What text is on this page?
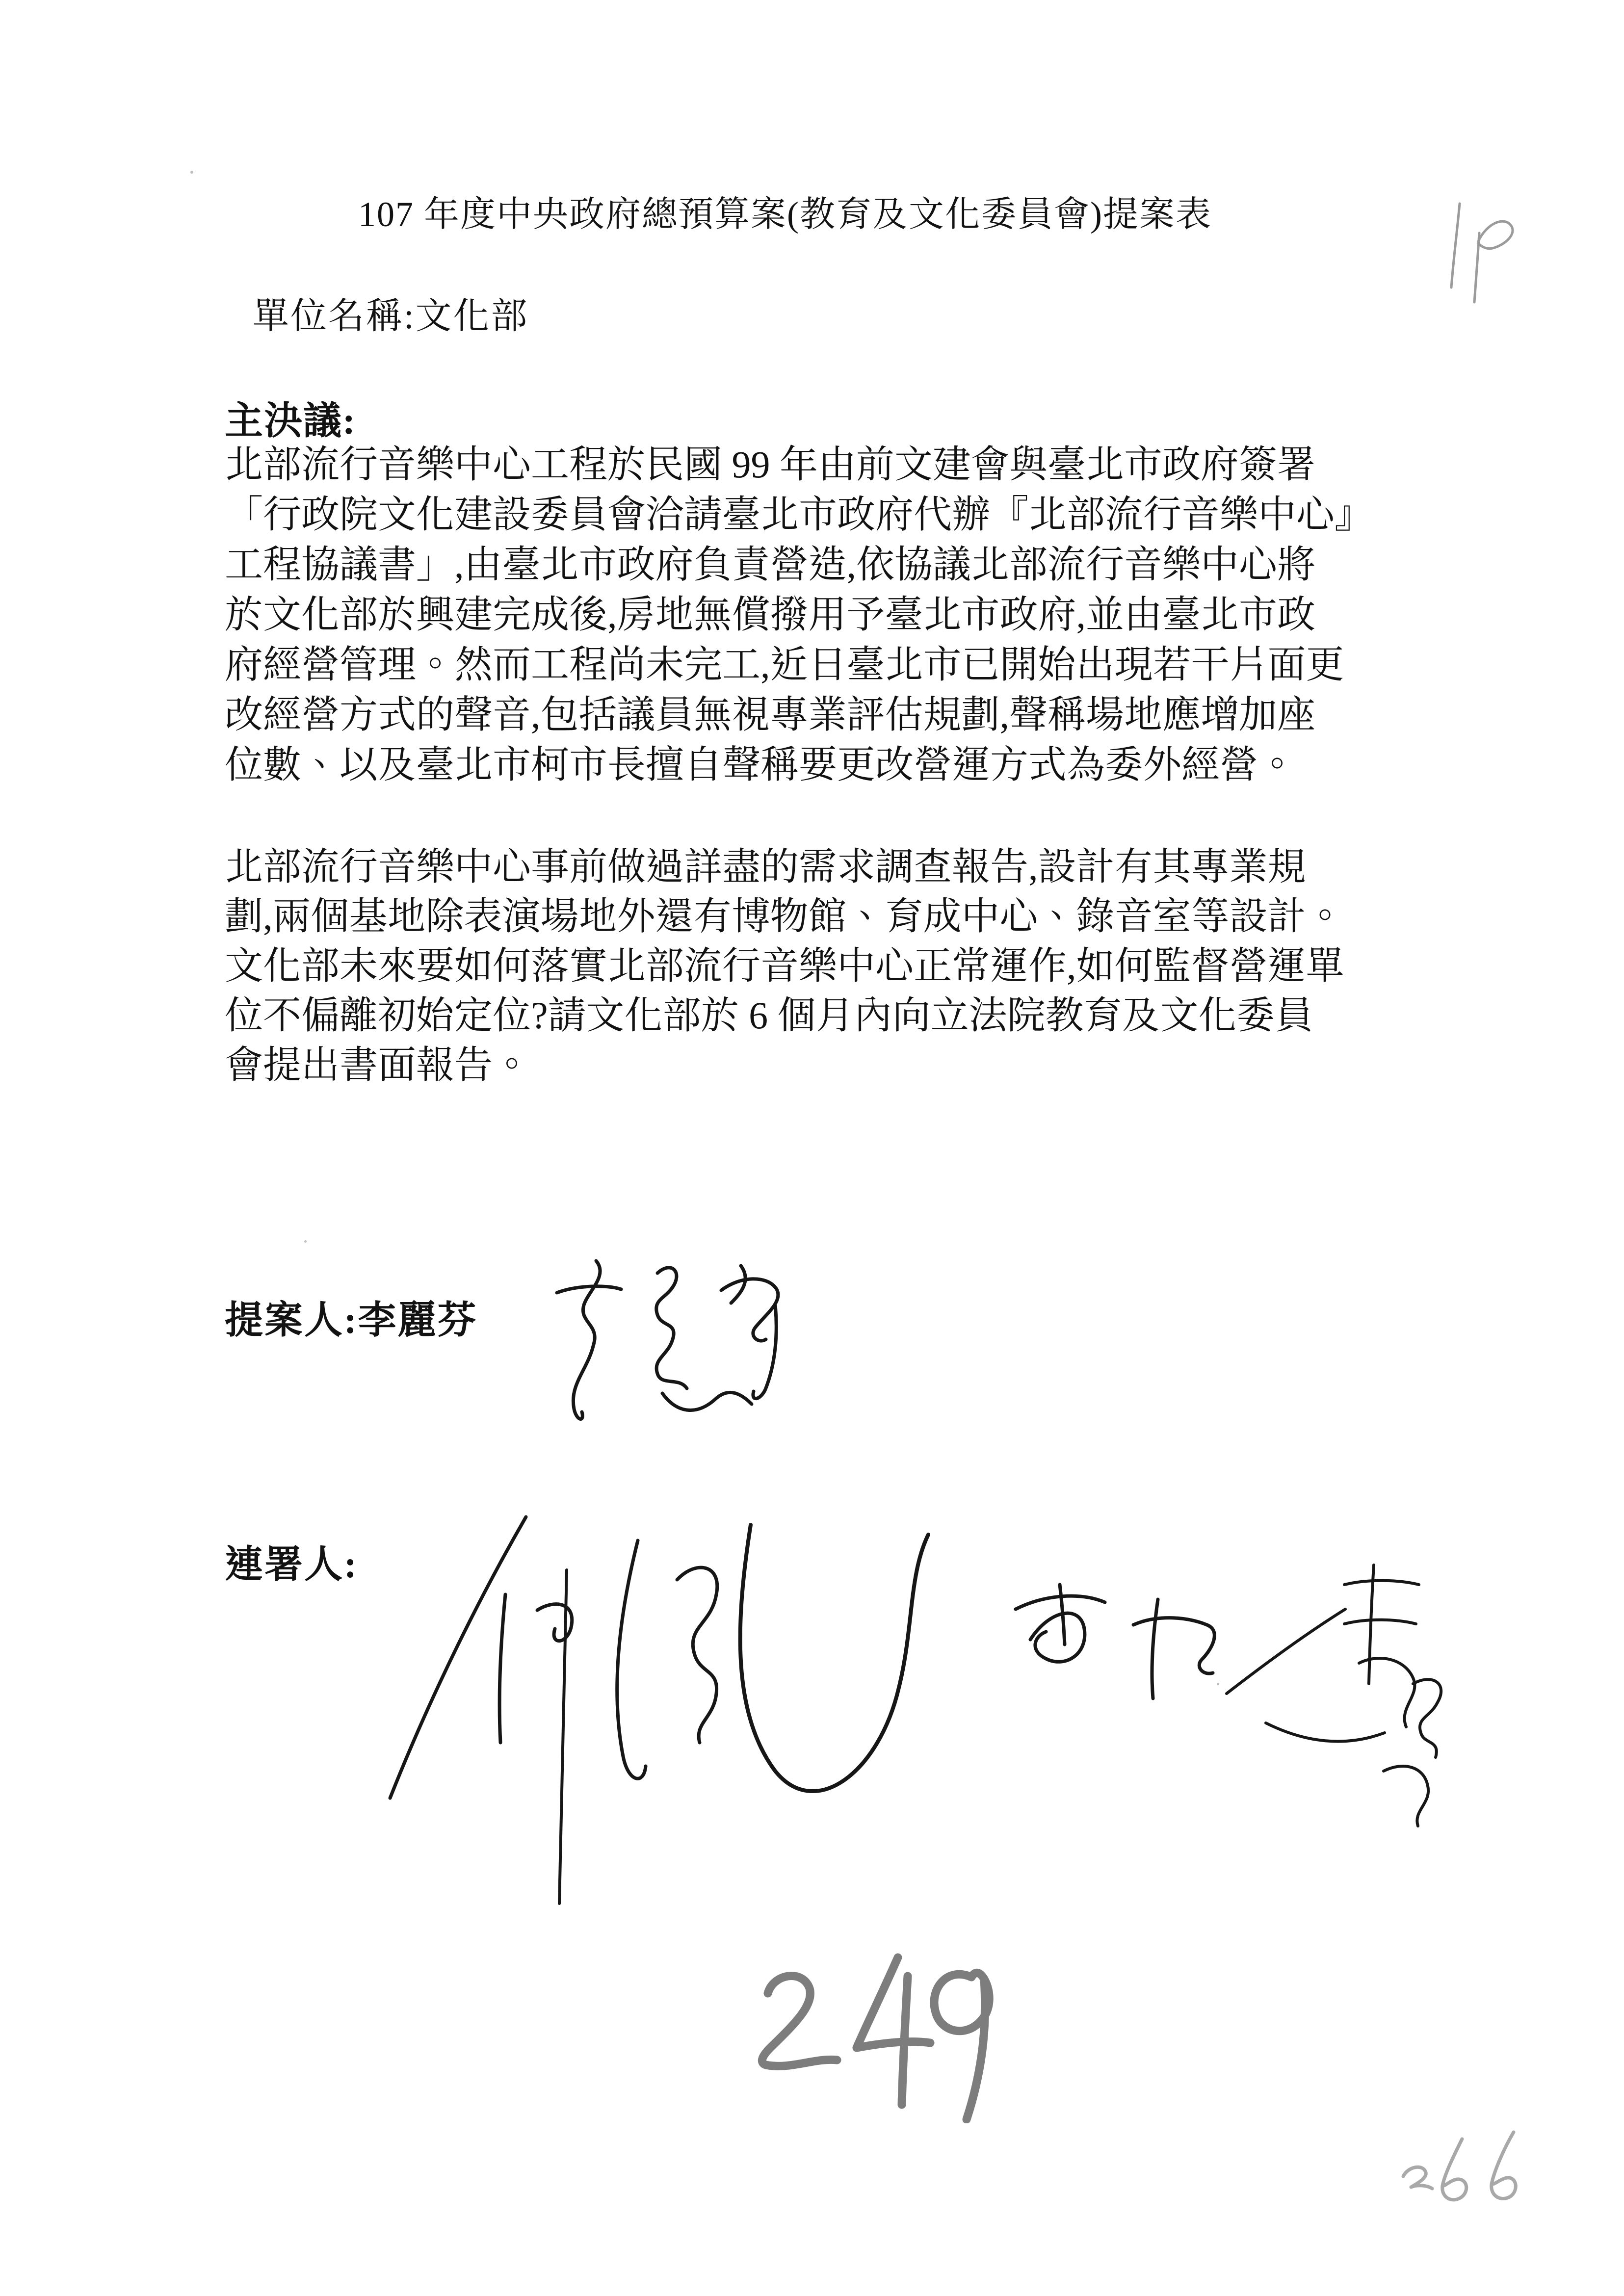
107 年度中央政府總預算案(教育及文化委員會)提案表
單位名稱:文化部
主決議:
北部流行音樂中心工程於民國 99 年由前文建會與臺北市政府簽署
「行政院文化建設委員會洽請臺北市政府代辦『北部流行音樂中心』
工程協議書」,由臺北市政府負責營造,依協議北部流行音樂中心將
於文化部於興建完成後,房地無償撥用予臺北市政府,並由臺北市政
府經營管理。然而工程尚未完工,近日臺北市已開始出現若干片面更
改經營方式的聲音,包括議員無視專業評估規劃,聲稱場地應增加座
位數、以及臺北市柯市長擅自聲稱要更改營運方式為委外經營。
北部流行音樂中心事前做過詳盡的需求調查報告,設計有其專業規
劃,兩個基地除表演場地外還有博物館、育成中心、錄音室等設計。
文化部未來要如何落實北部流行音樂中心正常運作,如何監督營運單
位不偏離初始定位?請文化部於 6 個月內向立法院教育及文化委員
會提出書面報告。
提案人:李麗芬
連署人:
